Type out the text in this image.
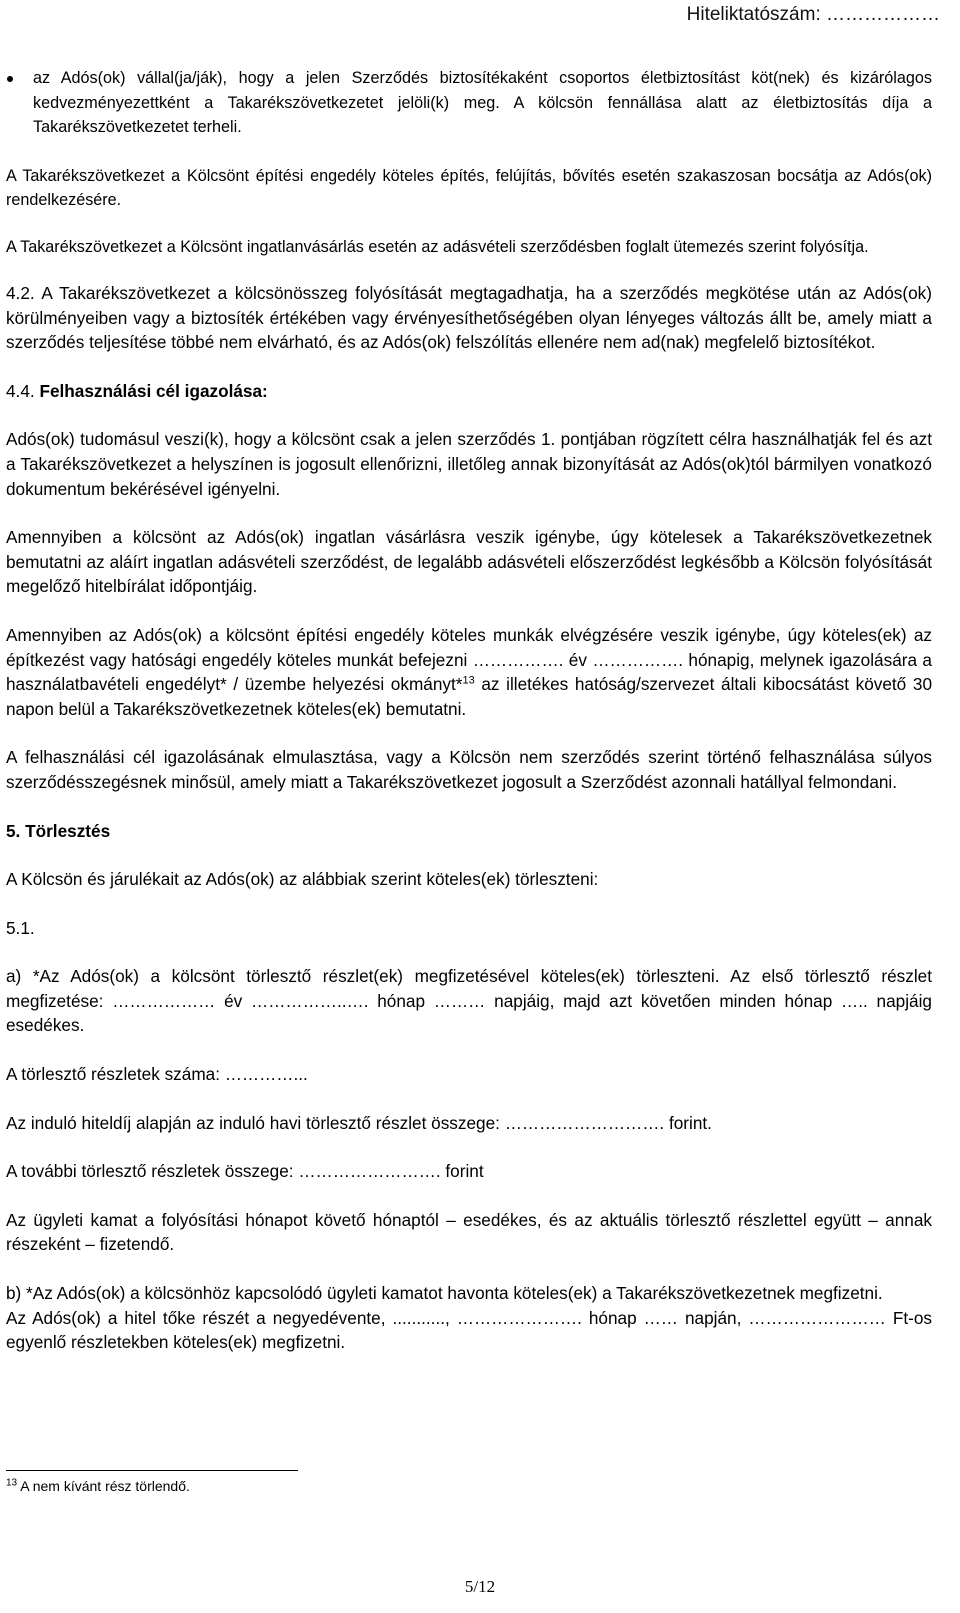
Hiteliktatószám: ………………
az Adós(ok) vállal(ja/ják), hogy a jelen Szerződés biztosítékaként csoportos életbiztosítást köt(nek) és kizárólagos kedvezményezettként a Takarékszövetkezetet jelöli(k) meg. A kölcsön fennállása alatt az életbiztosítás díja a Takarékszövetkezetet terheli.

A Takarékszövetkezet a Kölcsönt építési engedély köteles építés, felújítás, bővítés esetén szakaszosan bocsátja az Adós(ok) rendelkezésére.

A Takarékszövetkezet a Kölcsönt ingatlanvásárlás esetén az adásvételi szerződésben foglalt ütemezés szerint folyósítja.

4.2. A Takarékszövetkezet a kölcsönösszeg folyósítását megtagadhatja, ha a szerződés megkötése után az Adós(ok) körülményeiben vagy a biztosíték értékében vagy érvényesíthetőségében olyan lényeges változás állt be, amely miatt a szerződés teljesítése többé nem elvárható, és az Adós(ok) felszólítás ellenére nem ad(nak) megfelelő biztosítékot.

4.4. Felhasználási cél igazolása:

Adós(ok) tudomásul veszi(k), hogy a kölcsönt csak a jelen szerződés 1. pontjában rögzített célra használhatják fel és azt a Takarékszövetkezet a helyszínen is jogosult ellenőrizni, illetőleg annak bizonyítását az Adós(ok)tól bármilyen vonatkozó dokumentum bekérésével igényelni.

Amennyiben a kölcsönt az Adós(ok) ingatlan vásárlásra veszik igénybe, úgy kötelesek a Takarékszövetkezetnek bemutatni az aláírt ingatlan adásvételi szerződést, de legalább adásvételi előszerződést legkésőbb a Kölcsön folyósítását megelőző hitelbírálat időpontjáig.

Amennyiben az Adós(ok) a kölcsönt építési engedély köteles munkák elvégzésére veszik igénybe, úgy köteles(ek) az építkezést vagy hatósági engedély köteles munkát befejezni ……………. év ……………. hónapig, melynek igazolására a használatbavételi engedélyt* / üzembe helyezési okmányt*$^{13}$ az illetékes hatóság/szervezet általi kibocsátást követő 30 napon belül a Takarékszövetkezetnek köteles(ek) bemutatni.

A felhasználási cél igazolásának elmulasztása, vagy a Kölcsön nem szerződés szerint történő felhasználása súlyos szerződésszegésnek minősül, amely miatt a Takarékszövetkezet jogosult a Szerződést azonnali hatállyal felmondani.

5. Törlesztés

A Kölcsön és járulékait az Adós(ok) az alábbiak szerint köteles(ek) törleszteni:

5.1.

a) *Az Adós(ok) a kölcsönt törlesztő részlet(ek) megfizetésével köteles(ek) törleszteni. Az első törlesztő részlet megfizetése: ……………… év ……………..…. hónap ……… napjáig, majd azt követően minden hónap ….. napjáig esedékes.

A törlesztő részletek száma: …………...

Az induló hiteldíj alapján az induló havi törlesztő részlet összege: ………………………. forint.

A további törlesztő részletek összege: ……………………. forint

Az ügyleti kamat a folyósítási hónapot követő hónaptól – esedékes, és az aktuális törlesztő részlettel együtt – annak részeként – fizetendő.

b) *Az Adós(ok) a kölcsönhöz kapcsolódó ügyleti kamatot havonta köteles(ek) a Takarékszövetkezetnek megfizetni.

Az Adós(ok) a hitel tőke részét a negyedévente, ..........., …………………. hónap …… napján, …………………… Ft-os egyenlő részletekben köteles(ek) megfizetni.

$^{13}$ A nem kívánt rész törlendő.
5/12
